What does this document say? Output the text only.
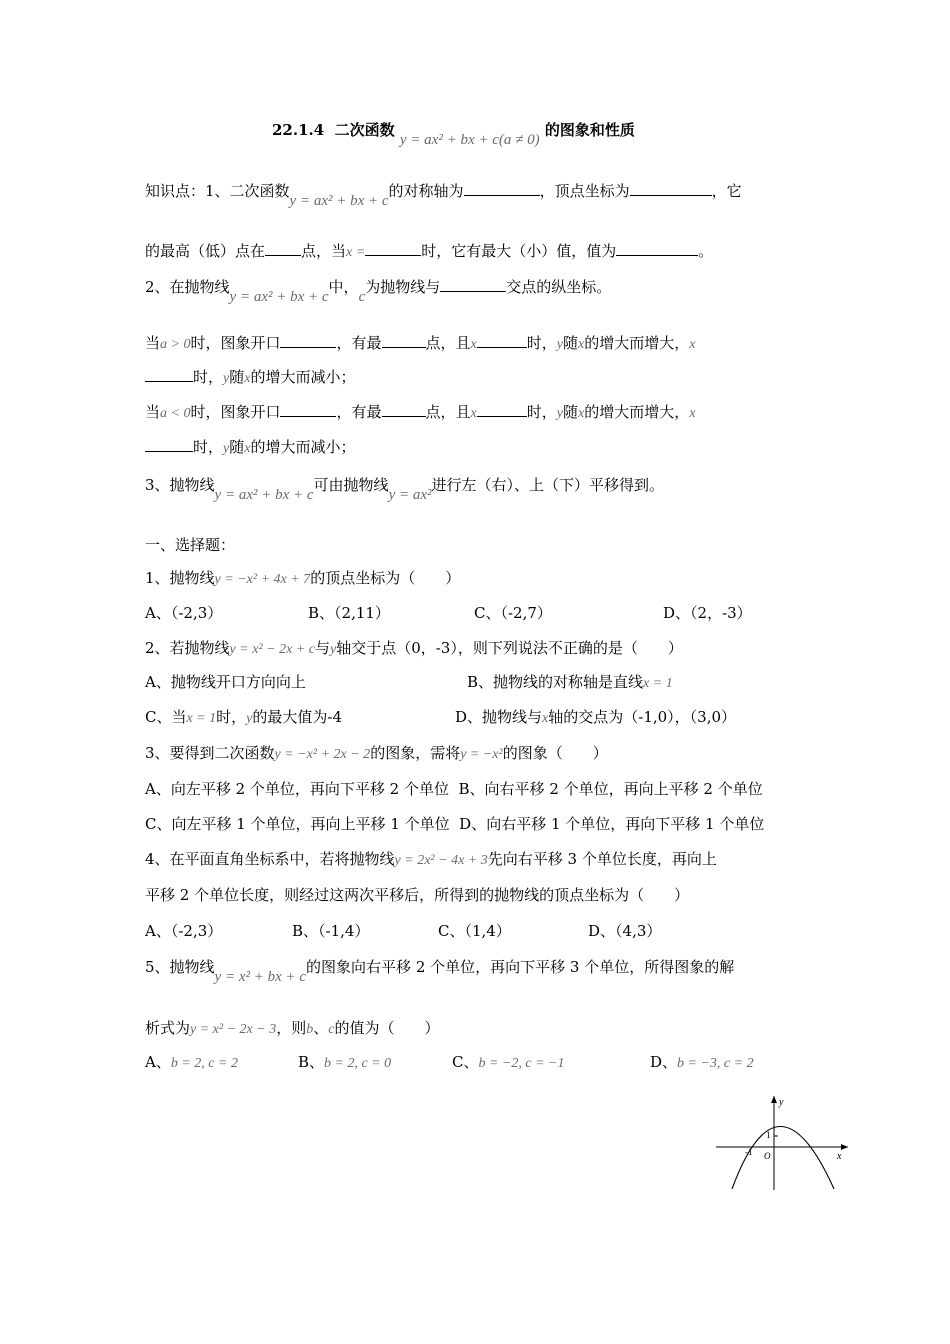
22.1.4 二次函数 y = ax² + bx + c(a ≠ 0) 的图象和性质
知识点：1、二次函数y = ax² + bx + c的对称轴为	，顶点坐标为	，它
的最高（低）点在 点，当x =	时，它有最大（小）值，值为	。
2、在抛物线y = ax² + bx + c中，c为抛物线与	交点的纵坐标。
当a > 0时，图象开口	，有最	点，且x	时，y随x的增大而增大，x
时，y随x的增大而减小；
当a < 0时，图象开口	，有最	点，且x	时，y随x的增大而增大，x
时，y随x的增大而减小；
3、抛物线y = ax² + bx + c可由抛物线y = ax²进行左（右）、上（下）平移得到。
一、选择题：
1、抛物线y = −x² + 4x + 7的顶点坐标为（　　）
A、（-2,3）	B、（2,11）	C、（-2,7）	D、（2，-3）
2、若抛物线y = x² − 2x + c与y轴交于点（0，-3），则下列说法不正确的是（　　）
A、抛物线开口方向向上	B、抛物线的对称轴是直线x = 1
C、当x = 1时，y的最大值为-4	D、抛物线与x轴的交点为（-1,0），（3,0）
3、要得到二次函数y = −x² + 2x − 2的图象，需将y = −x²的图象（　　）
A、向左平移 2 个单位，再向下平移 2 个单位  B、向右平移 2 个单位，再向上平移 2 个单位
C、向左平移 1 个单位，再向上平移 1 个单位  D、向右平移 1 个单位，再向下平移 1 个单位
4、在平面直角坐标系中，若将抛物线y = 2x² − 4x + 3先向右平移 3 个单位长度，再向上
平移 2 个单位长度，则经过这两次平移后，所得到的抛物线的顶点坐标为（　　）
A、（-2,3）	B、（-1,4）	C、（1,4）	D、（4,3）
5、抛物线y = x² + bx + c的图象向右平移 2 个单位，再向下平移 3 个单位，所得图象的解
析式为y = x² − 2x − 3，则b、c的值为（　　）
A、b = 2, c = 2	B、b = 2, c = 0	C、b = −2, c = −1	D、b = −3, c = 2
y
x
O
1
-1
